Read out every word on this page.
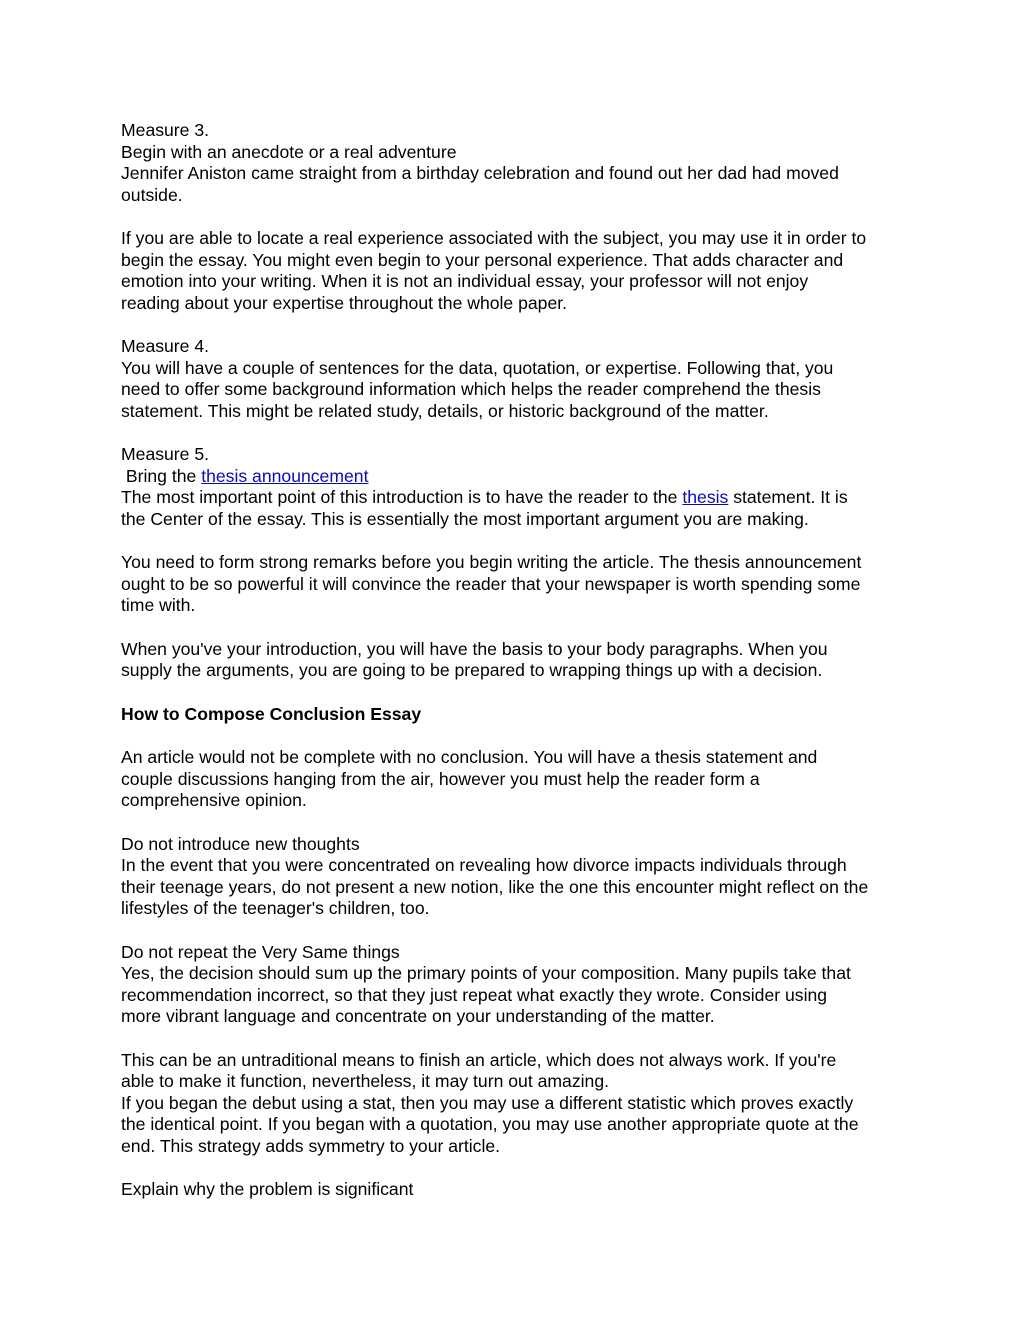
Measure 3.
Begin with an anecdote or a real adventure
Jennifer Aniston came straight from a birthday celebration and found out her dad had moved
outside.
If you are able to locate a real experience associated with the subject, you may use it in order to
begin the essay. You might even begin to your personal experience. That adds character and
emotion into your writing. When it is not an individual essay, your professor will not enjoy
reading about your expertise throughout the whole paper.
Measure 4.
You will have a couple of sentences for the data, quotation, or expertise. Following that, you
need to offer some background information which helps the reader comprehend the thesis
statement. This might be related study, details, or historic background of the matter.
Measure 5.
Bring the thesis announcement
The most important point of this introduction is to have the reader to the thesis statement. It is
the Center of the essay. This is essentially the most important argument you are making.
You need to form strong remarks before you begin writing the article. The thesis announcement
ought to be so powerful it will convince the reader that your newspaper is worth spending some
time with.
When you've your introduction, you will have the basis to your body paragraphs. When you
supply the arguments, you are going to be prepared to wrapping things up with a decision.
How to Compose Conclusion Essay
An article would not be complete with no conclusion. You will have a thesis statement and
couple discussions hanging from the air, however you must help the reader form a
comprehensive opinion.
Do not introduce new thoughts
In the event that you were concentrated on revealing how divorce impacts individuals through
their teenage years, do not present a new notion, like the one this encounter might reflect on the
lifestyles of the teenager's children, too.
Do not repeat the Very Same things
Yes, the decision should sum up the primary points of your composition. Many pupils take that
recommendation incorrect, so that they just repeat what exactly they wrote. Consider using
more vibrant language and concentrate on your understanding of the matter.
This can be an untraditional means to finish an article, which does not always work. If you're
able to make it function, nevertheless, it may turn out amazing.
If you began the debut using a stat, then you may use a different statistic which proves exactly
the identical point. If you began with a quotation, you may use another appropriate quote at the
end. This strategy adds symmetry to your article.
Explain why the problem is significant
